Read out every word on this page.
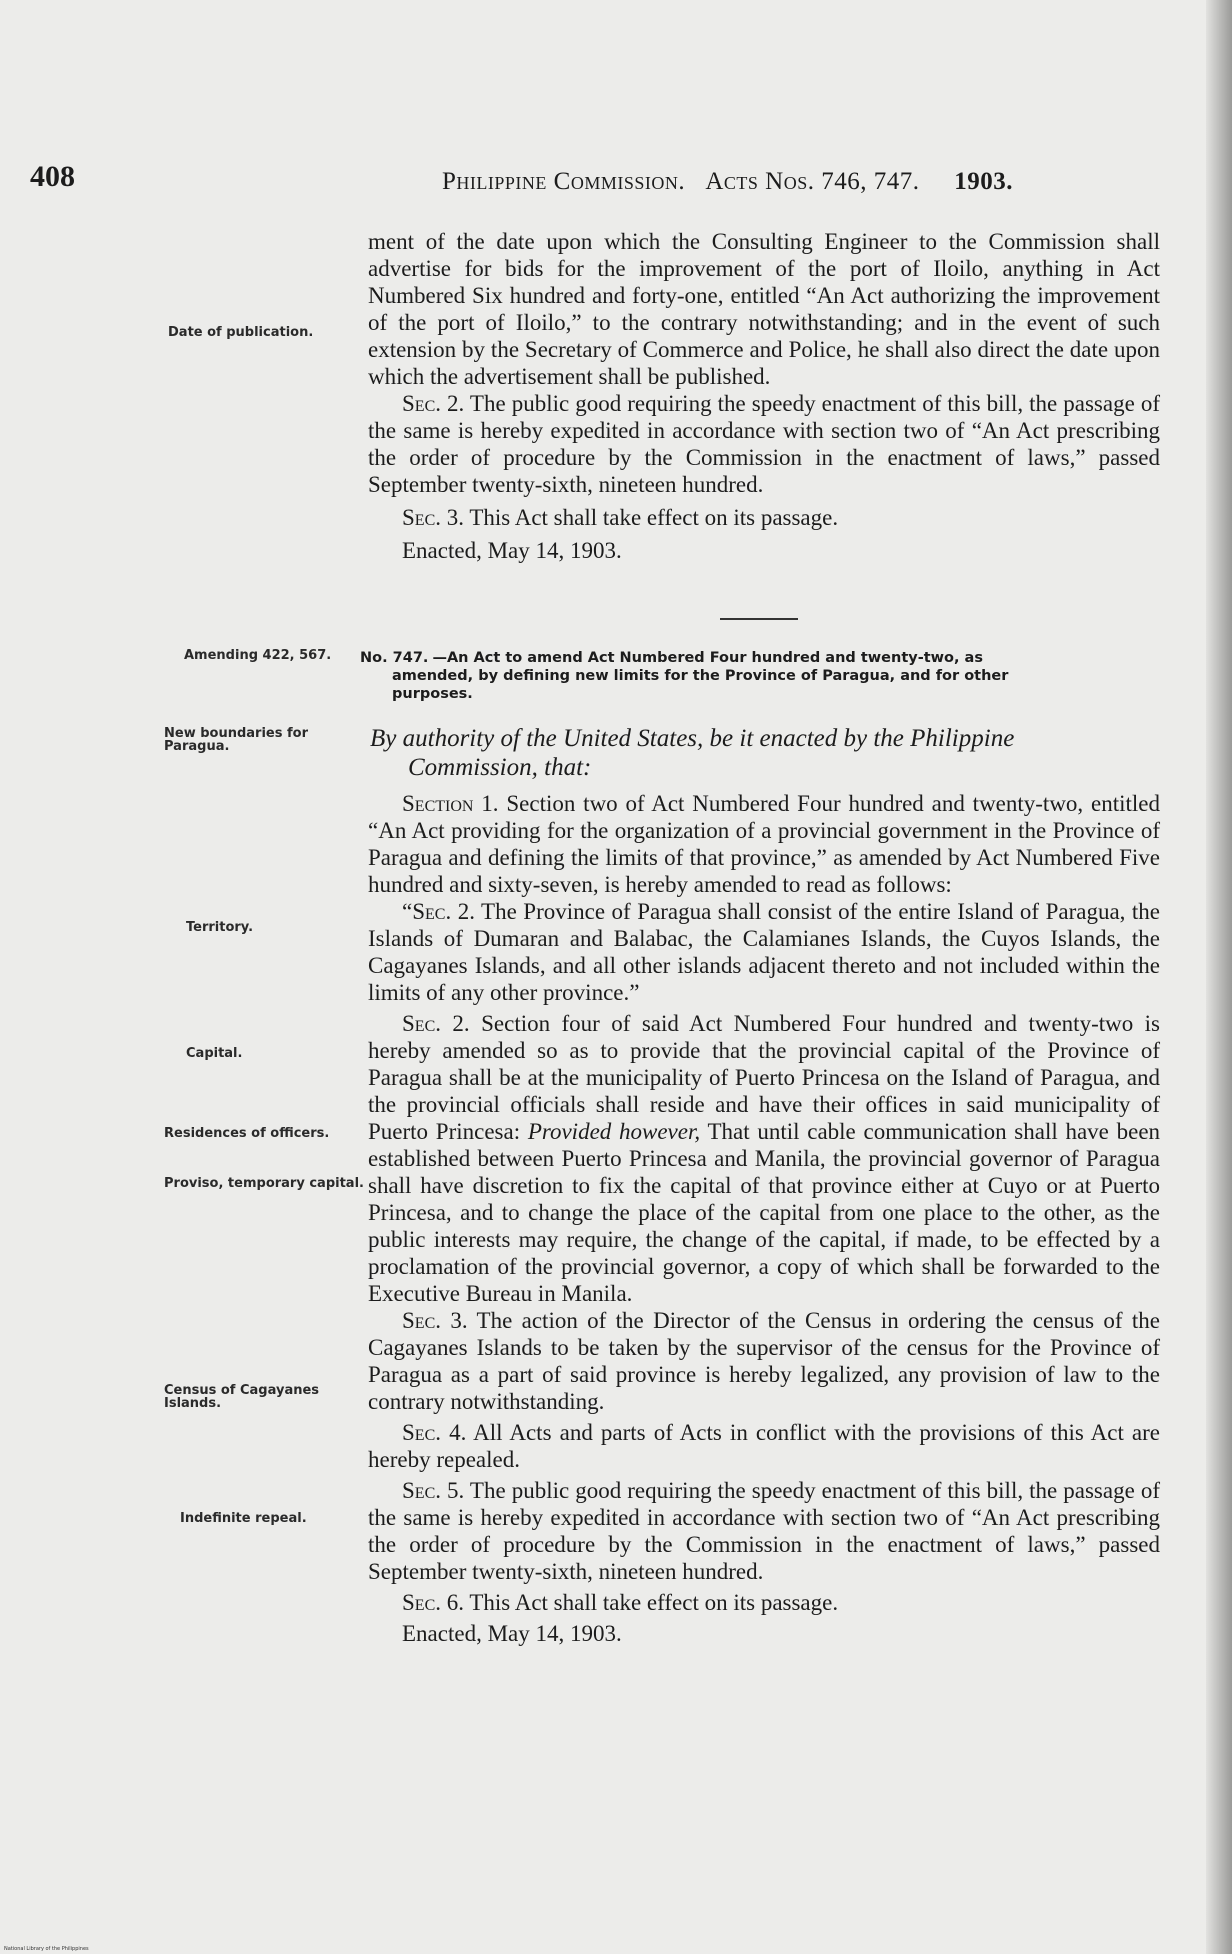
408	Philippine Commission. Acts Nos. 746, 747. 1903.

ment of the date upon which the Consulting Engineer to the Commission shall advertise for bids for the improvement of the port of Iloilo, anything in Act Numbered Six hundred and forty-one, entitled “An Act authorizing the improvement of the port of Iloilo,” to the contrary notwithstanding; and in the event of such extension by the Secretary of Commerce and Police, he shall also direct the date upon which the advertisement shall be published.

Sec. 2. The public good requiring the speedy enactment of this bill, the passage of the same is hereby expedited in accordance with section two of “An Act prescribing the order of procedure by the Commission in the enactment of laws,” passed September twenty-sixth, nineteen hundred.

Sec. 3. This Act shall take effect on its passage.

Enacted, May 14, 1903.

Date of publication.
Amending 422, 567.	No. 747. —An Act to amend Act Numbered Four hundred and twenty-two, as
amended, by defining new limits for the Province of Paragua, and for other
purposes.
New boundaries for Paragua.	By authority of the United States, be it enacted by the Philippine
Commission, that:

Section 1. Section two of Act Numbered Four hundred and twenty-two, entitled “An Act providing for the organization of a provincial government in the Province of Paragua and defining the limits of that province,” as amended by Act Numbered Five hundred and sixty-seven, is hereby amended to read as follows:

“Sec. 2. The Province of Paragua shall consist of the entire Island of Paragua, the Islands of Dumaran and Balabac, the Calamianes Islands, the Cuyos Islands, the Cagayanes Islands, and all other islands adjacent thereto and not included within the limits of any other province.”

Sec. 2. Section four of said Act Numbered Four hundred and twenty-two is hereby amended so as to provide that the provincial capital of the Province of Paragua shall be at the municipality of Puerto Princesa on the Island of Paragua, and the provincial officials shall reside and have their offices in said municipality of Puerto Princesa: Provided however, That until cable communication shall have been established between Puerto Princesa and Manila, the provincial governor of Paragua shall have discretion to fix the capital of that province either at Cuyo or at Puerto Princesa, and to change the place of the capital from one place to the other, as the public interests may require, the change of the capital, if made, to be effected by a proclamation of the provincial governor, a copy of which shall be forwarded to the Executive Bureau in Manila.

Sec. 3. The action of the Director of the Census in ordering the census of the Cagayanes Islands to be taken by the supervisor of the census for the Province of Paragua as a part of said province is hereby legalized, any provision of law to the contrary notwithstanding.

Sec. 4. All Acts and parts of Acts in conflict with the provisions of this Act are hereby repealed.

Sec. 5. The public good requiring the speedy enactment of this bill, the passage of the same is hereby expedited in accordance with section two of “An Act prescribing the order of procedure by the Commission in the enactment of laws,” passed September twenty-sixth, nineteen hundred.

Sec. 6. This Act shall take effect on its passage.

Enacted, May 14, 1903.

Territory.
Capital.
Residences of officers.
Proviso, temporary capital.
Census of Cagayanes Islands.
Indefinite repeal.
National Library of the Philippines
